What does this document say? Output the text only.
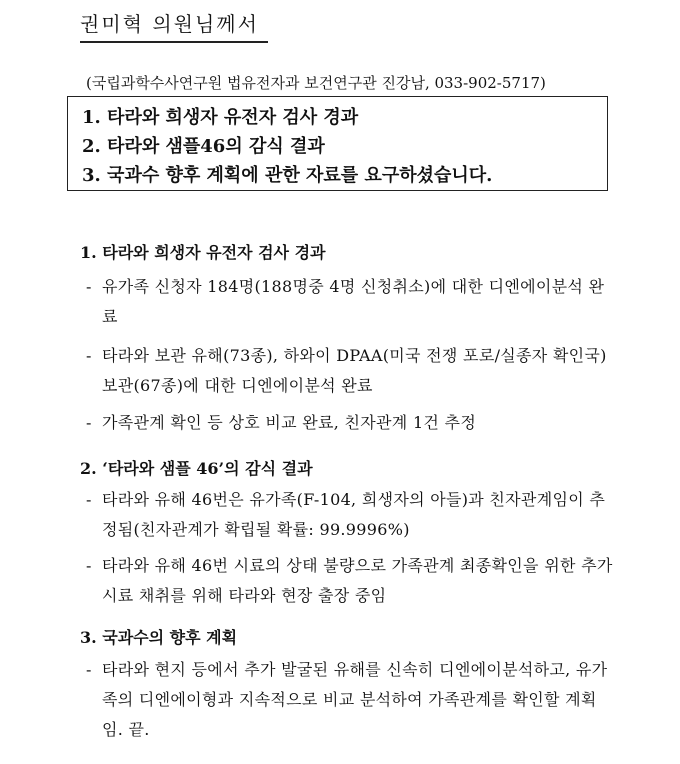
권미혁 의원님께서
(국립과학수사연구원 법유전자과 보건연구관 진강남, 033-902-5717)
1. 타라와 희생자 유전자 검사 경과
2. 타라와 샘플46의 감식 결과
3. 국과수 향후 계획에 관한 자료를 요구하셨습니다.
1. 타라와 희생자 유전자 검사 경과
- 유가족 신청자 184명(188명중 4명 신청취소)에 대한 디엔에이분석 완료
- 타라와 보관 유해(73종), 하와이 DPAA(미국 전쟁 포로/실종자 확인국) 보관(67종)에 대한 디엔에이분석 완료
- 가족관계 확인 등 상호 비교 완료, 친자관계 1건 추정
2. ‘타라와 샘플 46’의 감식 결과
- 타라와 유해 46번은 유가족(F-104, 희생자의 아들)과 친자관계임이 추정됨(친자관계가 확립될 확률: 99.9996%)
- 타라와 유해 46번 시료의 상태 불량으로 가족관계 최종확인을 위한 추가 시료 채취를 위해 타라와 현장 출장 중임
3. 국과수의 향후 계획
- 타라와 현지 등에서 추가 발굴된 유해를 신속히 디엔에이분석하고, 유가족의 디엔에이형과 지속적으로 비교 분석하여 가족관계를 확인할 계획임. 끝.
